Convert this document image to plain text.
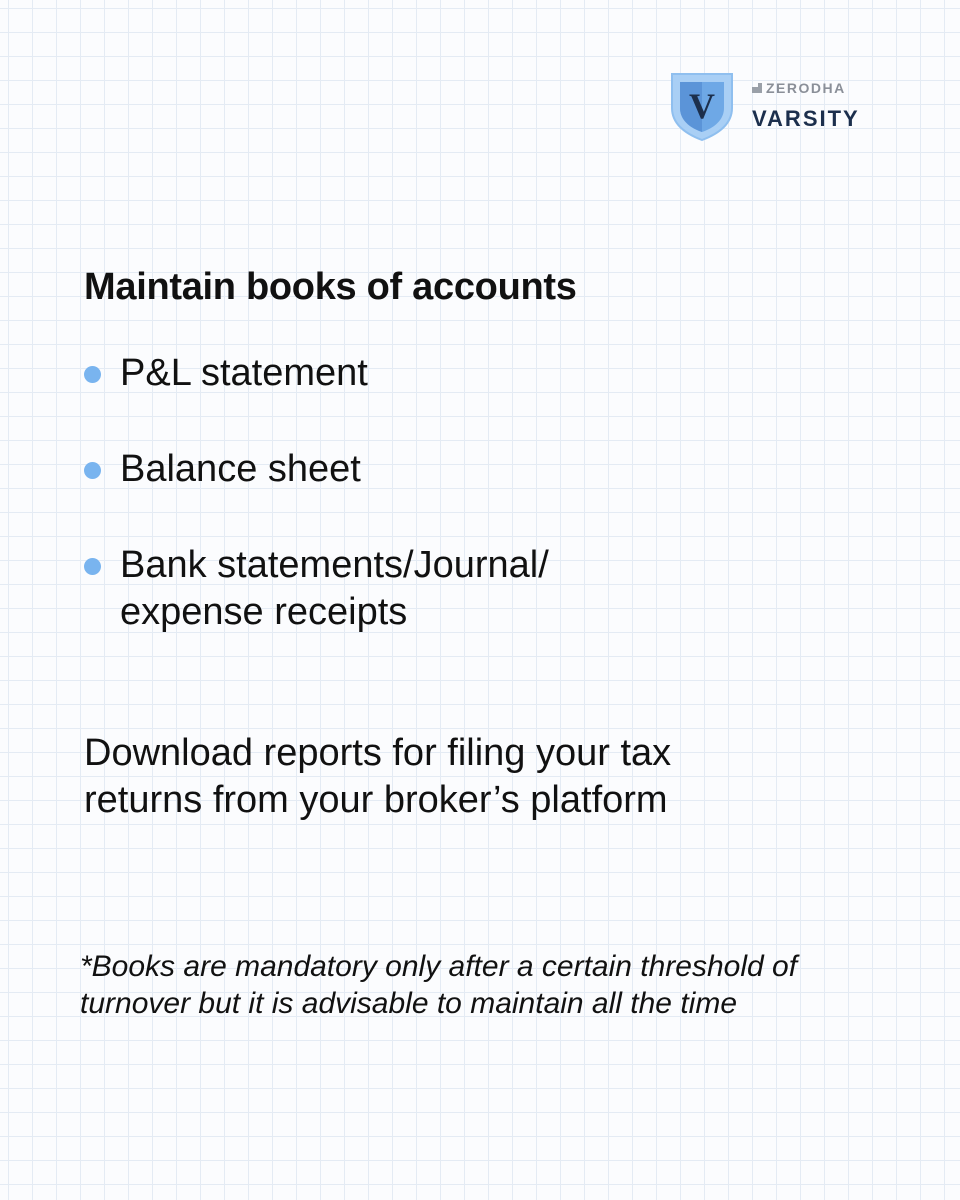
V	ZERODHA
VARSITY
Maintain books of accounts
P&L statement
Balance sheet
Bank statements/Journal/ expense receipts

Download reports for filing your tax returns from your broker’s platform

*Books are mandatory only after a certain threshold of turnover but it is advisable to maintain all the time
